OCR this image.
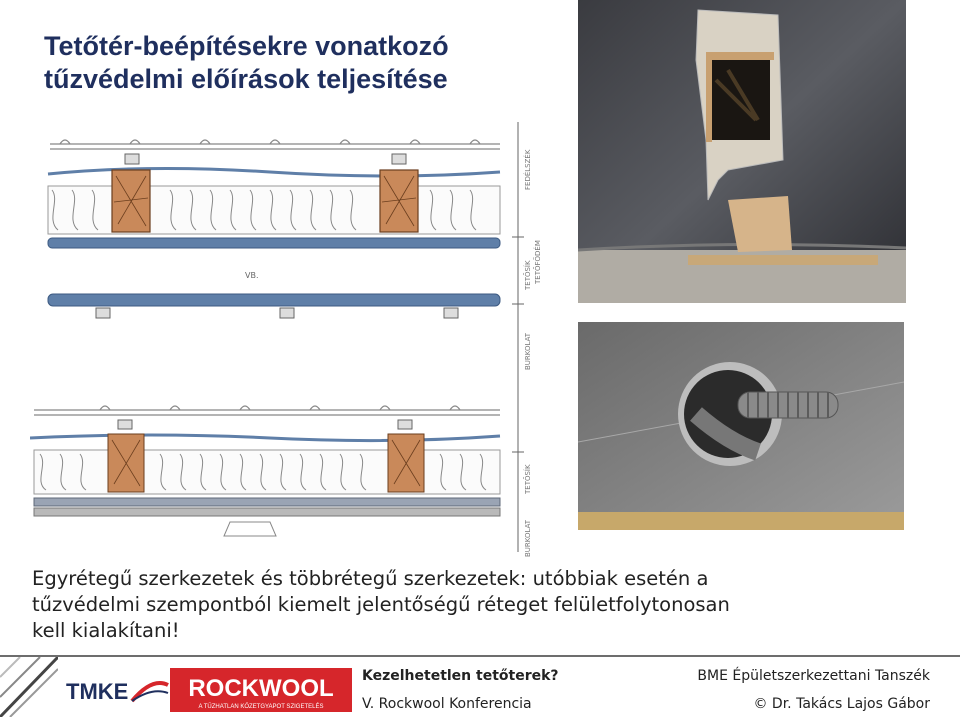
Tetőtér-beépítésekre vonatkozó
tűzvédelmi előírások teljesítése
VB.
FEDÉLSZÉK
TETŐSÍK TETŐFŐDÉM
BURKOLAT
TETŐSÍK
BURKOLAT
Egyrétegű szerkezetek és többrétegű szerkezetek: utóbbiak esetén a
tűzvédelmi szempontból kiemelt jelentőségű réteget felületfolytonosan
kell kialakítani!
TMKE	ROCKWOOL
A TŰZHATLAN KŐZETGYAPOT SZIGETELÉS
Kezelhetetlen tetőterek?
V. Rockwool Konferencia
BME Épületszerkezettani Tanszék
© Dr. Takács Lajos Gábor
